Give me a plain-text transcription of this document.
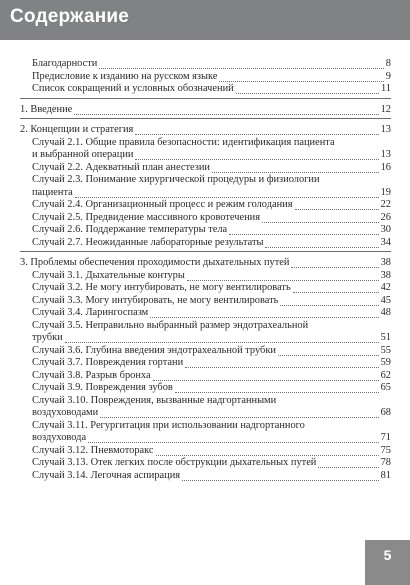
Содержание
Благодарности	8
Предисловие к изданию на русском языке	9
Список сокращений и условных обозначений	11
1. Введение	12
2. Концепции и стратегия	13
Случай 2.1. Общие правила безопасности: идентификация пациента
и выбранной операции	13
Случай 2.2. Адекватный план анестезии	16
Случай 2.3. Понимание хирургической процедуры и физиологии
пациента	19
Случай 2.4. Организационный процесс и режим голодания	22
Случай 2.5. Предвидение массивного кровотечения	26
Случай 2.6. Поддержание температуры тела	30
Случай 2.7. Неожиданные лабораторные результаты	34
3. Проблемы обеспечения проходимости дыхательных путей	38
Случай 3.1. Дыхательные контуры	38
Случай 3.2. Не могу интубировать, не могу вентилировать	42
Случай 3.3. Могу интубировать, не могу вентилировать	45
Случай 3.4. Ларингоспазм	48
Случай 3.5. Неправильно выбранный размер эндотрахеальной
трубки	51
Случай 3.6. Глубина введения эндотрахеальной трубки	55
Случай 3.7. Повреждения гортани	59
Случай 3.8. Разрыв бронха	62
Случай 3.9. Повреждения зубов	65
Случай 3.10. Повреждения, вызванные надгортанными
воздуховодами	68
Случай 3.11. Регургитация при использовании надгортанного
воздуховода	71
Случай 3.12. Пневмоторакс	75
Случай 3.13. Отек легких после обструкции дыхательных путей	78
Случай 3.14. Легочная аспирация	81
5
